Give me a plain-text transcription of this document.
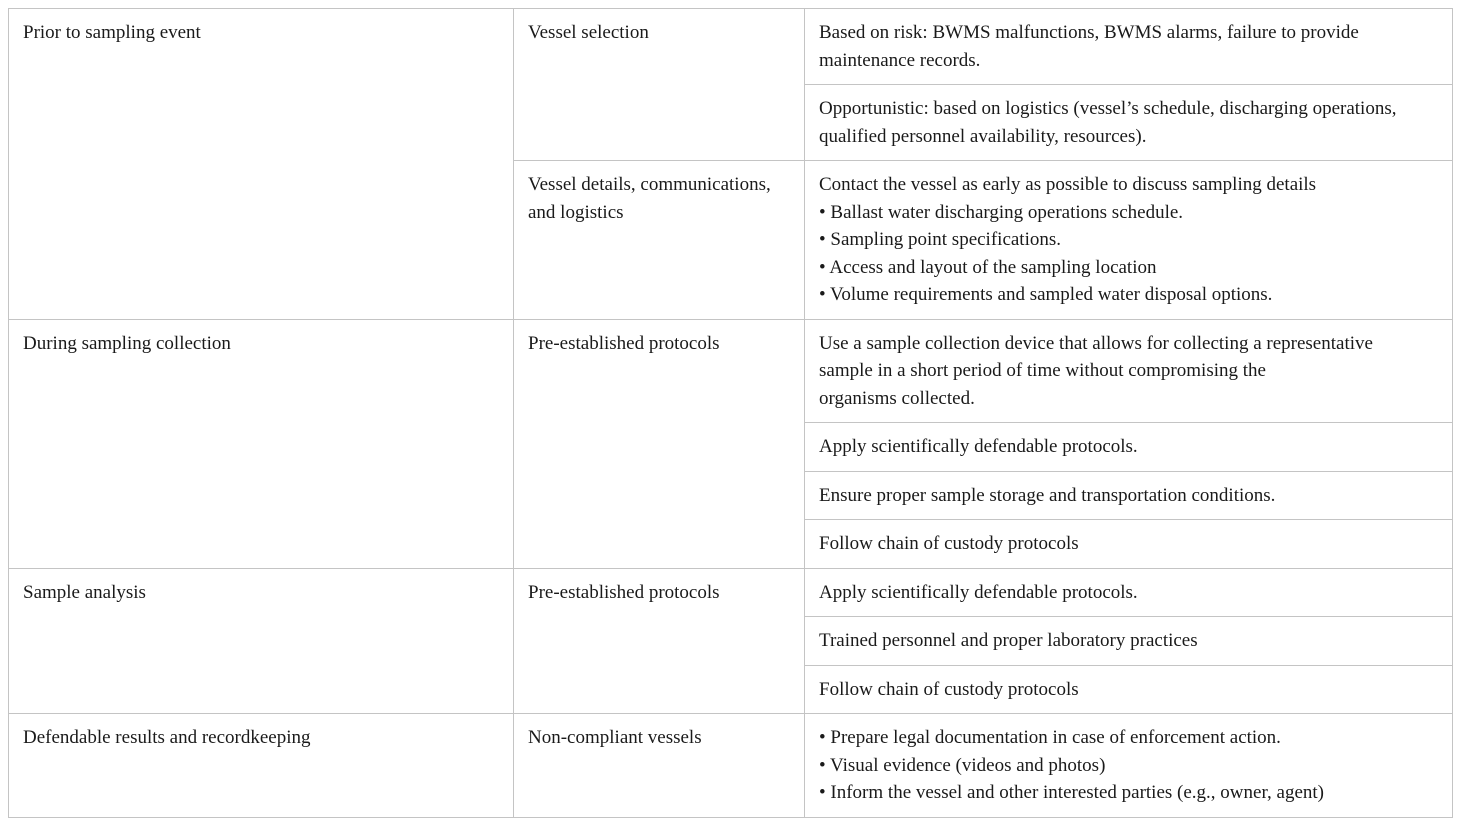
Prior to sampling event	Vessel selection	Based on risk: BWMS malfunctions, BWMS alarms, failure to provide
maintenance records.

		Opportunistic: based on logistics (vessel’s schedule, discharging operations,
qualified personnel availability, resources).

	Vessel details, communications,
and logistics	Contact the vessel as early as possible to discuss sampling details
• Ballast water discharging operations schedule.
• Sampling point specifications.
• Access and layout of the sampling location
• Volume requirements and sampled water disposal options.

During sampling collection	Pre-established protocols	Use a sample collection device that allows for collecting a representative
sample in a short period of time without compromising the
organisms collected.

		Apply scientifically defendable protocols.

		Ensure proper sample storage and transportation conditions.

		Follow chain of custody protocols

Sample analysis	Pre-established protocols	Apply scientifically defendable protocols.

		Trained personnel and proper laboratory practices

		Follow chain of custody protocols

Defendable results and recordkeeping	Non-compliant vessels	• Prepare legal documentation in case of enforcement action.
• Visual evidence (videos and photos)
• Inform the vessel and other interested parties (e.g., owner, agent)
